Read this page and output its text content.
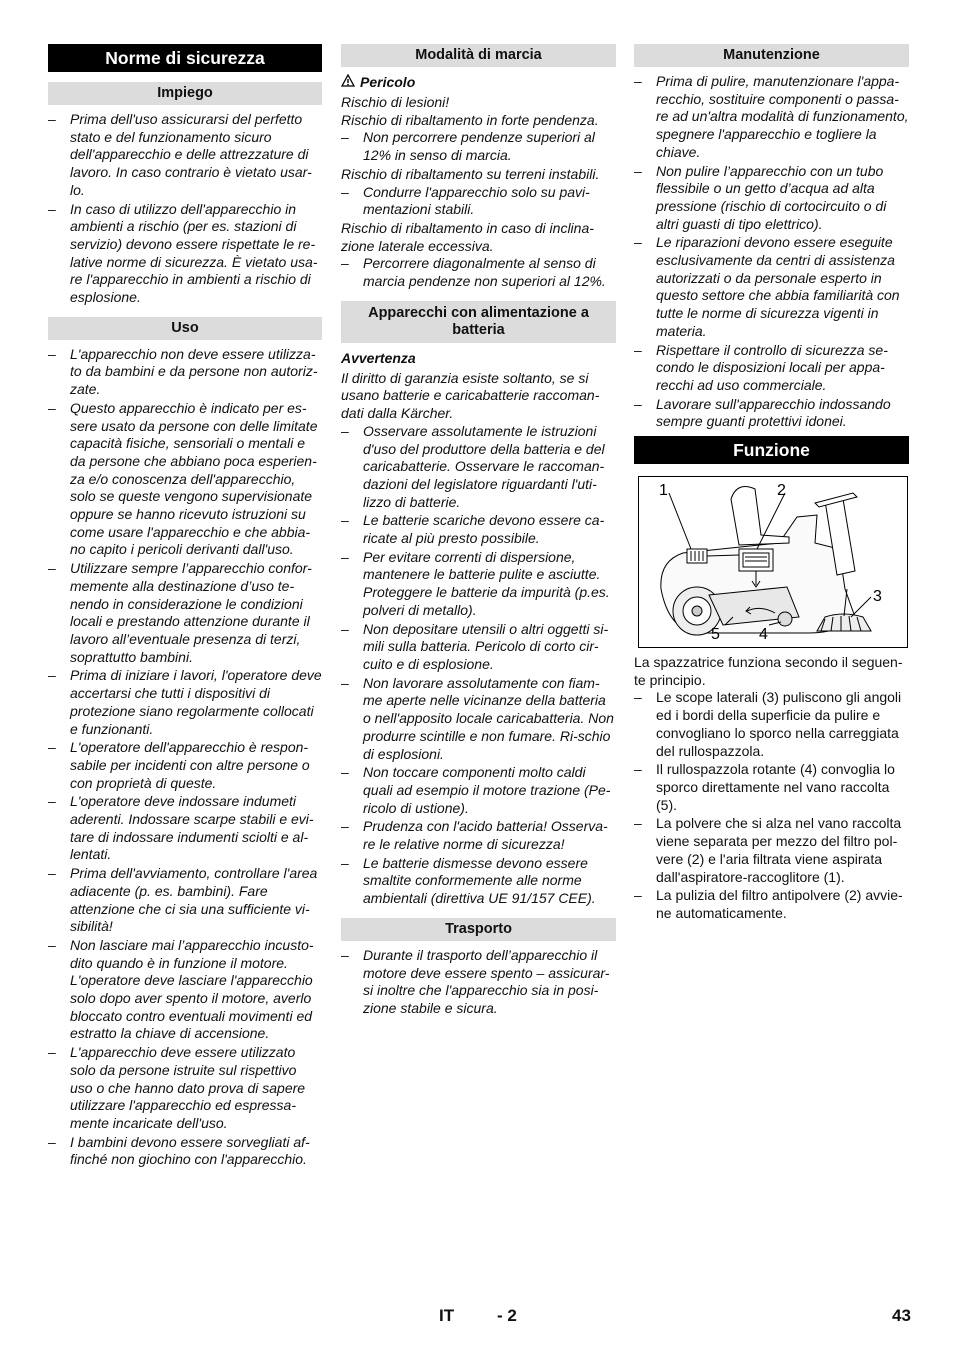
Norme di sicurezza
Impiego
– Prima dell'uso assicurarsi del perfetto stato e del funzionamento sicuro dell'apparecchio e delle attrezzature di lavoro. In caso contrario è vietato usar-lo.
– In caso di utilizzo dell'apparecchio in ambienti a rischio (per es. stazioni di servizio) devono essere rispettate le re-lative norme di sicurezza. È vietato usa-re l'apparecchio in ambienti a rischio di esplosione.
Uso
– L'apparecchio non deve essere utilizza-to da bambini e da persone non autoriz-zate.
– Questo apparecchio è indicato per es-sere usato da persone con delle limitate capacità fisiche, sensoriali o mentali e da persone che abbiano poca esperien-za e/o conoscenza dell'apparecchio, solo se queste vengono supervisionate oppure se hanno ricevuto istruzioni su come usare l'apparecchio e che abbia-no capito i pericoli derivanti dall'uso.
– Utilizzare sempre l’apparecchio confor-memente alla destinazione d’uso te-nendo in considerazione le condizioni locali e prestando attenzione durante il lavoro all’eventuale presenza di terzi, soprattutto bambini.
– Prima di iniziare i lavori, l'operatore deve accertarsi che tutti i dispositivi di protezione siano regolarmente collocati e funzionanti.
– L'operatore dell'apparecchio è respon-sabile per incidenti con altre persone o con proprietà di queste.
– L'operatore deve indossare indumeti aderenti. Indossare scarpe stabili e evi-tare di indossare indumenti sciolti e al-lentati.
– Prima dell'avviamento, controllare l'area adiacente (p. es. bambini). Fare attenzione che ci sia una sufficiente vi-sibilità!
– Non lasciare mai l’apparecchio incusto-dito quando è in funzione il motore. L'operatore deve lasciare l'apparecchio solo dopo aver spento il motore, averlo bloccato contro eventuali movimenti ed estratto la chiave di accensione.
– L'apparecchio deve essere utilizzato solo da persone istruite sul rispettivo uso o che hanno dato prova di sapere utilizzare l'apparecchio ed espressa-mente incaricate dell'uso.
– I bambini devono essere sorvegliati af-finché non giochino con l'apparecchio.
Modalità di marcia
Pericolo

Rischio di lesioni!

Rischio di ribaltamento in forte pendenza.

– Non percorrere pendenze superiori al 12% in senso di marcia.

Rischio di ribaltamento su terreni instabili.

– Condurre l'apparecchio solo su pavi-mentazioni stabili.

Rischio di ribaltamento in caso di inclina-zione laterale eccessiva.

– Percorrere diagonalmente al senso di marcia pendenze non superiori al 12%.
Apparecchi con alimentazione a batteria
Avvertenza

Il diritto di garanzia esiste soltanto, se si usano batterie e caricabatterie raccoman-dati dalla Kärcher.

– Osservare assolutamente le istruzioni d'uso del produttore della batteria e del caricabatterie. Osservare le raccoman-dazioni del legislatore riguardanti l'uti-lizzo di batterie.
– Le batterie scariche devono essere ca-ricate al più presto possibile.
– Per evitare correnti di dispersione, mantenere le batterie pulite e asciutte. Proteggere le batterie da impurità (p.es. polveri di metallo).
– Non depositare utensili o altri oggetti si-mili sulla batteria. Pericolo di corto cir-cuito e di esplosione.
– Non lavorare assolutamente con fiam-me aperte nelle vicinanze della batteria o nell'apposito locale caricabatteria. Non produrre scintille e non fumare. Ri-schio di esplosioni.
– Non toccare componenti molto caldi quali ad esempio il motore trazione (Pe-ricolo di ustione).
– Prudenza con l'acido batteria! Osserva-re le relative norme di sicurezza!
– Le batterie dismesse devono essere smaltite conformemente alle norme ambientali (direttiva UE 91/157 CEE).
Trasporto
– Durante il trasporto dell’apparecchio il motore deve essere spento – assicurar-si inoltre che l'apparecchio sia in posi-zione stabile e sicura.
Manutenzione
– Prima di pulire, manutenzionare l'appa-recchio, sostituire componenti o passa-re ad un'altra modalità di funzionamento, spegnere l'apparecchio e togliere la chiave.
– Non pulire l’apparecchio con un tubo flessibile o un getto d’acqua ad alta pressione (rischio di cortocircuito o di altri guasti di tipo elettrico).
– Le riparazioni devono essere eseguite esclusivamente da centri di assistenza autorizzati o da personale esperto in questo settore che abbia familiarità con tutte le norme di sicurezza vigenti in materia.
– Rispettare il controllo di sicurezza se-condo le disposizioni locali per appa-recchi ad uso commerciale.
– Lavorare sull'apparecchio indossando sempre guanti protettivi idonei.
Funzione
1	2
3
4
5

La spazzatrice funziona secondo il seguen-te principio.

– Le scope laterali (3) puliscono gli angoli ed i bordi della superficie da pulire e convogliano lo sporco nella carreggiata del rullospazzola.
– Il rullospazzola rotante (4) convoglia lo sporco direttamente nel vano raccolta (5).
– La polvere che si alza nel vano raccolta viene separata per mezzo del filtro pol-vere (2) e l'aria filtrata viene aspirata dall'aspiratore-raccoglitore (1).
– La pulizia del filtro antipolvere (2) avvie-ne automaticamente.
IT	- 2	43
